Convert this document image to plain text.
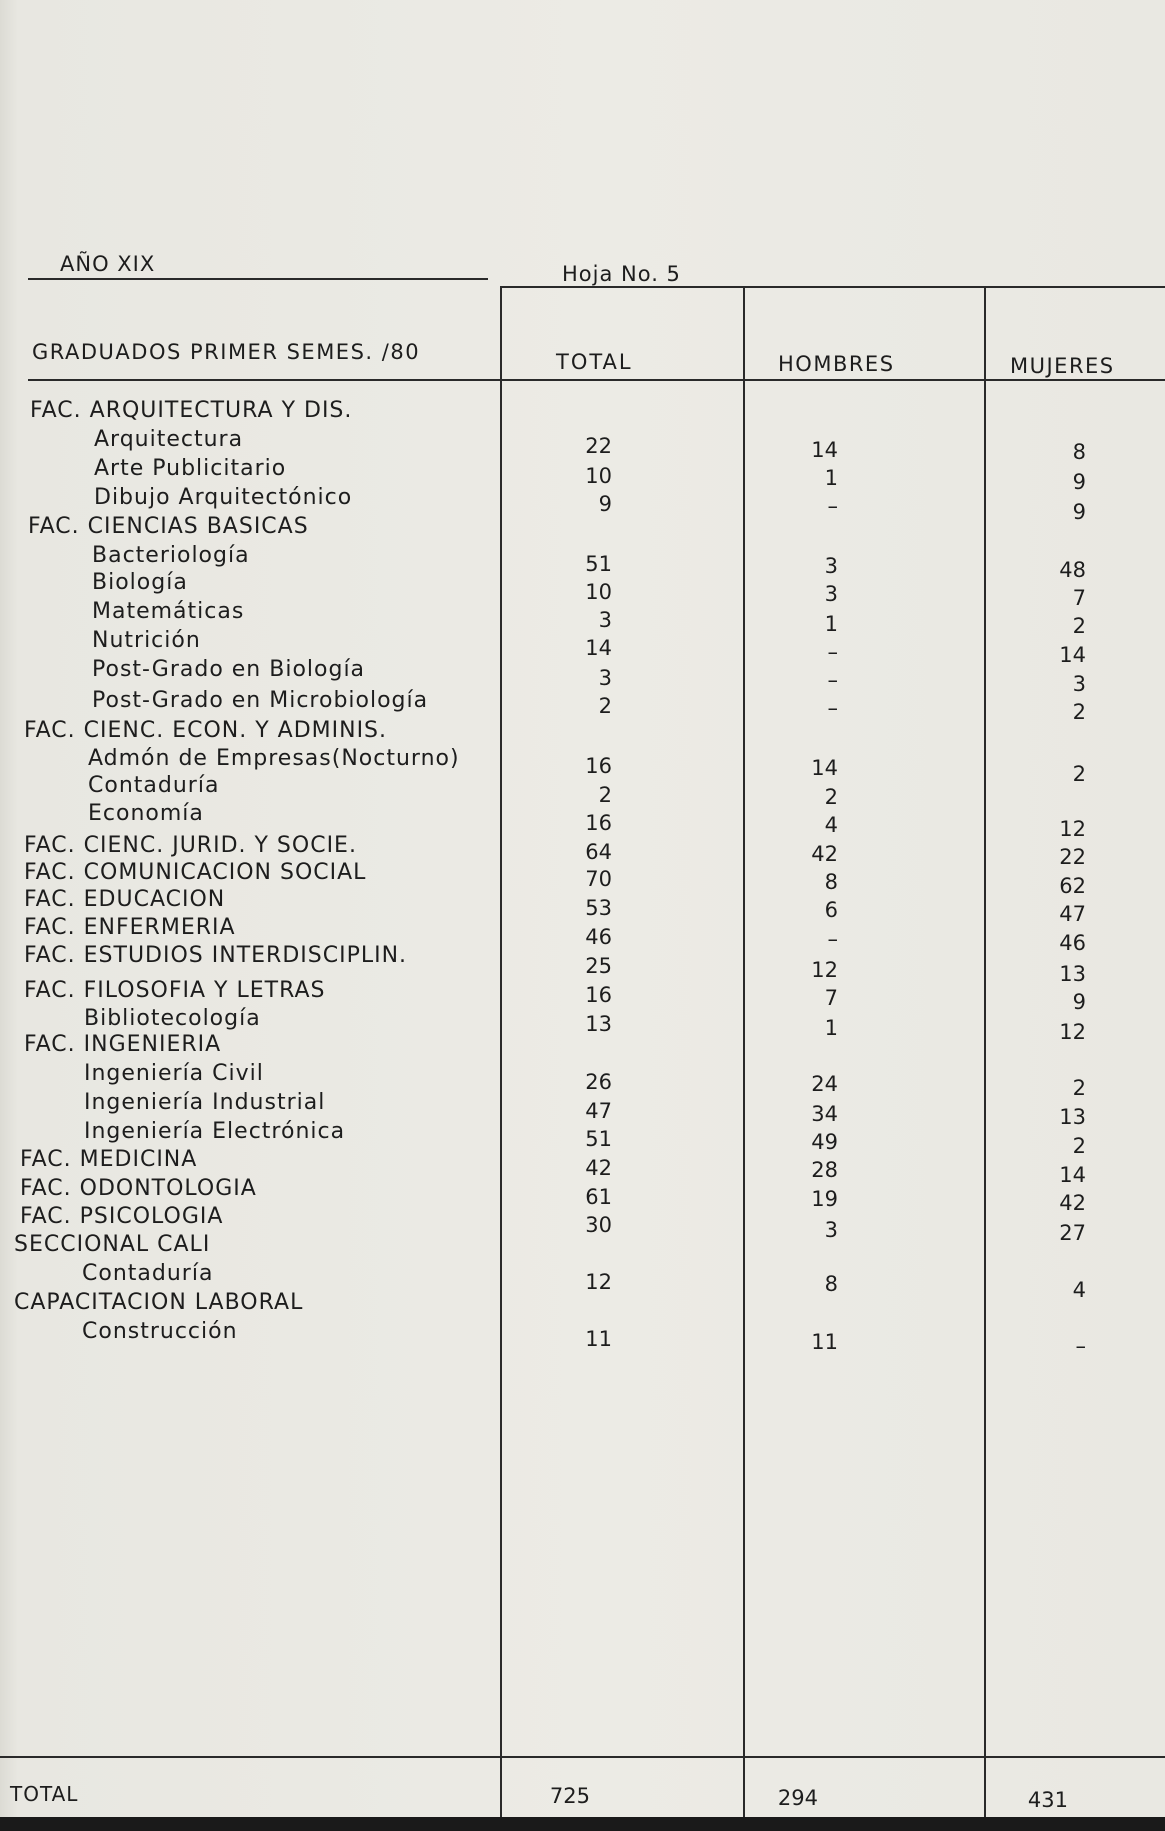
AÑO XIX	Hoja No. 5
GRADUADOS PRIMER SEMES. /80	TOTAL	HOMBRES	MUJERES
FAC. ARQUITECTURA Y DIS.
Arquitectura	22	14	8
Arte Publicitario	10	1	9
Dibujo Arquitectónico	9	–	9
FAC. CIENCIAS BASICAS
Bacteriología	51	3	48
Biología	10	3	7
Matemáticas	3	1	2
Nutrición	14	–	14
Post-Grado en Biología	3	–	3
Post-Grado en Microbiología	2	–	2
FAC. CIENC. ECON. Y ADMINIS.
Admón de Empresas(Nocturno)	16	14	2
Contaduría	2	2
Economía	16	4	12
FAC. CIENC. JURID. Y SOCIE.	64	42	22
FAC. COMUNICACION SOCIAL	70	8	62
FAC. EDUCACION	53	6	47
FAC. ENFERMERIA	46	–	46
FAC. ESTUDIOS INTERDISCIPLIN.	25	12	13
FAC. FILOSOFIA Y LETRAS	16	7	9
Bibliotecología	13	1	12
FAC. INGENIERIA
Ingeniería Civil	26	24	2
Ingeniería Industrial	47	34	13
Ingeniería Electrónica	51	49	2
FAC. MEDICINA	42	28	14
FAC. ODONTOLOGIA	61	19	42
FAC. PSICOLOGIA	30	3	27
SECCIONAL CALI
Contaduría	12	8	4
CAPACITACION LABORAL
Construcción	11	11	–
TOTAL	725	294	431
